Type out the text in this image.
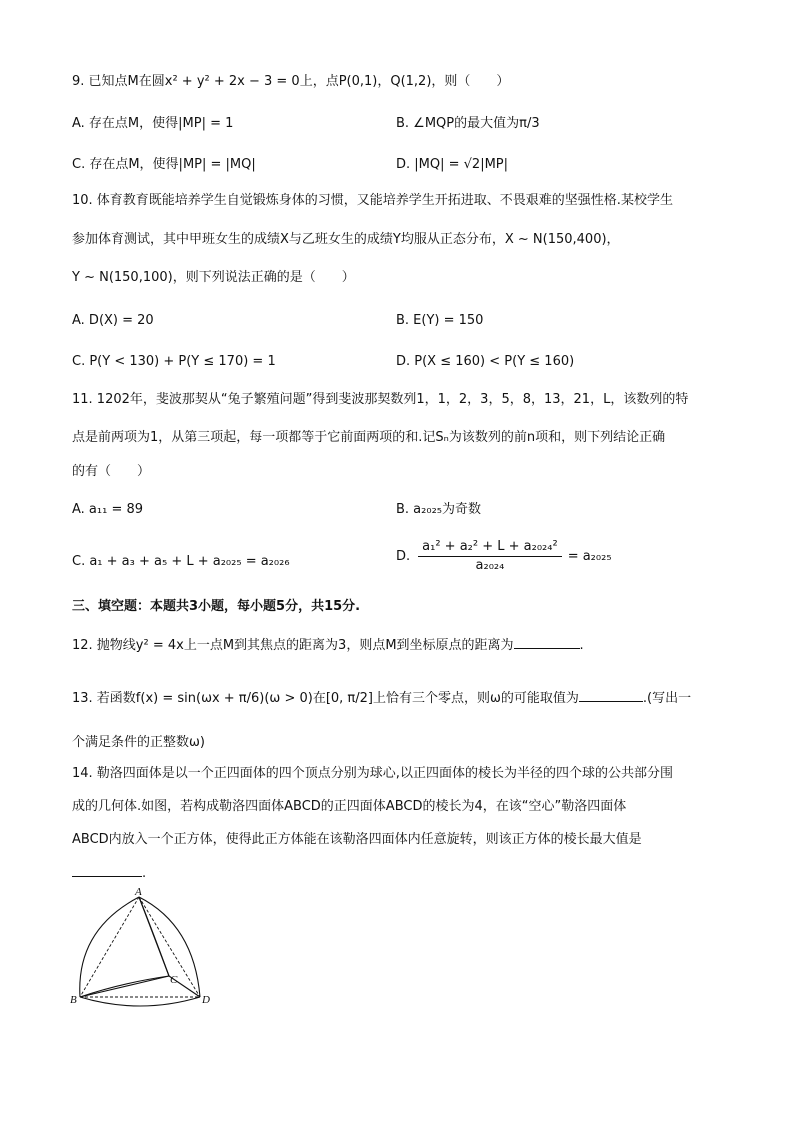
9. 已知点M在圆x² + y² + 2x − 3 = 0上，点P(0,1)，Q(1,2)，则（　　）
A. 存在点M，使得|MP| = 1	B. ∠MQP的最大值为π/3
C. 存在点M，使得|MP| = |MQ|	D. |MQ| = √2|MP|
10. 体育教育既能培养学生自觉锻炼身体的习惯，又能培养学生开拓进取、不畏艰难的坚强性格.某校学生
参加体育测试，其中甲班女生的成绩X与乙班女生的成绩Y均服从正态分布，X ~ N(150,400)，
Y ~ N(150,100)，则下列说法正确的是（　　）
A. D(X) = 20	B. E(Y) = 150
C. P(Y < 130) + P(Y ≤ 170) = 1	D. P(X ≤ 160) < P(Y ≤ 160)
11. 1202年，斐波那契从“兔子繁殖问题”得到斐波那契数列1，1，2，3，5，8，13，21，L，该数列的特
点是前两项为1，从第三项起，每一项都等于它前面两项的和.记Sₙ为该数列的前n项和，则下列结论正确
的有（　　）
A. a₁₁ = 89	B. a₂₀₂₅为奇数
C. a₁ + a₃ + a₅ + L + a₂₀₂₅ = a₂₀₂₆	D. $\frac{\text{a₁² + a₂² + L + a₂₀₂₄²}}{\text{a₂₀₂₄}} = a_{2025}$
三、填空题：本题共3小题，每小题5分，共15分.
12. 抛物线y² = 4x上一点M到其焦点的距离为3，则点M到坐标原点的距离为	.
13. 若函数f(x) = sin(ωx + π/6)(ω > 0)在[0, π/2]上恰有三个零点，则ω的可能取值为	.(写出一
个满足条件的正整数ω)
14. 勒洛四面体是以一个正四面体的四个顶点分别为球心,以正四面体的棱长为半径的四个球的公共部分围
成的几何体.如图，若构成勒洛四面体ABCD的正四面体ABCD的棱长为4，在该“空心”勒洛四面体
ABCD内放入一个正方体，使得此正方体能在该勒洛四面体内任意旋转，则该正方体的棱长最大值是
.
A
B
C
D
